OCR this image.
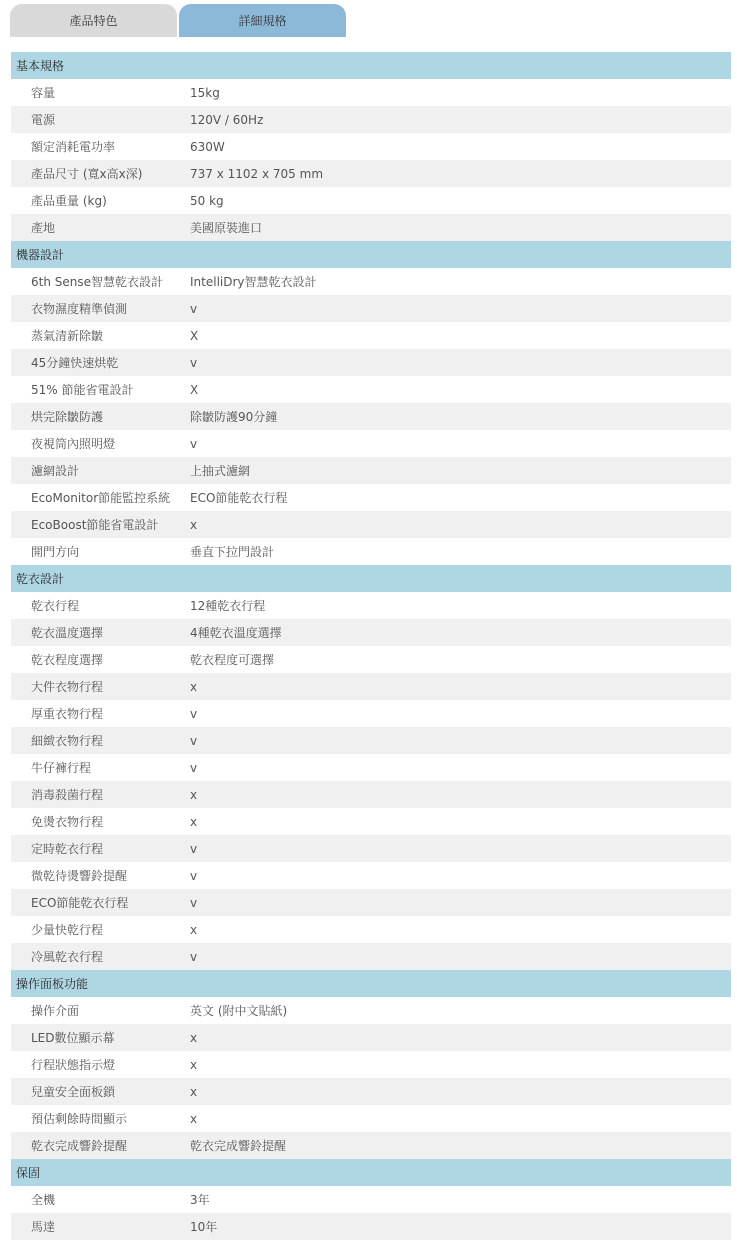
產品特色	詳細規格
基本規格
容量	15kg
電源	120V / 60Hz
額定消耗電功率	630W
產品尺寸 (寬x高x深)	737 x 1102 x 705 mm
產品重量 (kg)	50 kg
產地	美國原裝進口
機器設計
6th Sense智慧乾衣設計	IntelliDry智慧乾衣設計
衣物濕度精準偵測	v
蒸氣清新除皺	X
45分鐘快速烘乾	v
51% 節能省電設計	X
烘完除皺防護	除皺防護90分鐘
夜視筒內照明燈	v
濾網設計	上抽式濾網
EcoMonitor節能監控系統	ECO節能乾衣行程
EcoBoost節能省電設計	x
開門方向	垂直下拉門設計
乾衣設計
乾衣行程	12種乾衣行程
乾衣溫度選擇	4種乾衣溫度選擇
乾衣程度選擇	乾衣程度可選擇
大件衣物行程	x
厚重衣物行程	v
細緻衣物行程	v
牛仔褲行程	v
消毒殺菌行程	x
免燙衣物行程	x
定時乾衣行程	v
微乾待燙響鈴提醒	v
ECO節能乾衣行程	v
少量快乾行程	x
冷風乾衣行程	v
操作面板功能
操作介面	英文 (附中文貼紙)
LED數位顯示幕	x
行程狀態指示燈	x
兒童安全面板鎖	x
預估剩餘時間顯示	x
乾衣完成響鈴提醒	乾衣完成響鈴提醒
保固
全機	3年
馬達	10年
